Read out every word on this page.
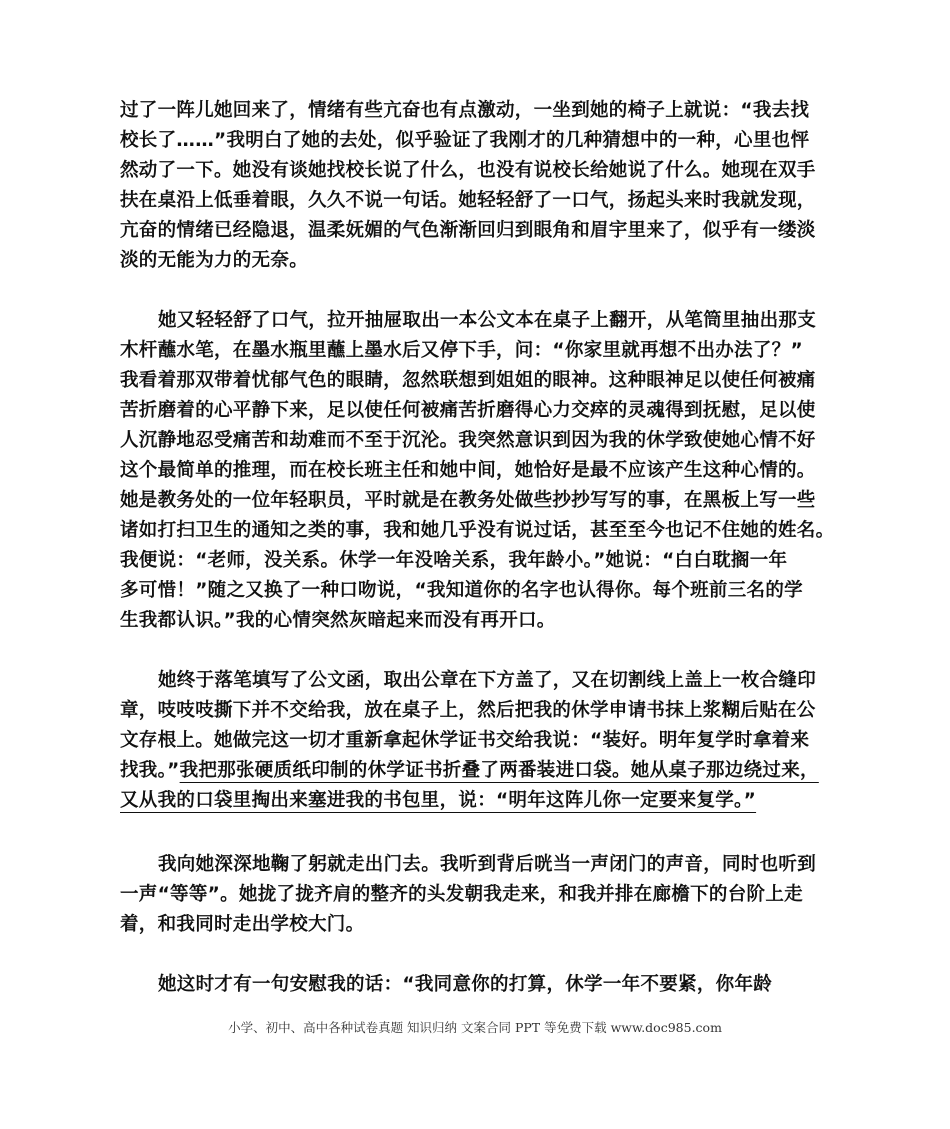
过了一阵儿她回来了，情绪有些亢奋也有点激动，一坐到她的椅子上就说：“我去找
校长了……”我明白了她的去处，似乎验证了我刚才的几种猜想中的一种，心里也怦
然动了一下。她没有谈她找校长说了什么，也没有说校长给她说了什么。她现在双手
扶在桌沿上低垂着眼，久久不说一句话。她轻轻舒了一口气，扬起头来时我就发现，
亢奋的情绪已经隐退，温柔妩媚的气色渐渐回归到眼角和眉宇里来了，似乎有一缕淡
淡的无能为力的无奈。
她又轻轻舒了口气，拉开抽屉取出一本公文本在桌子上翻开，从笔筒里抽出那支
木杆蘸水笔，在墨水瓶里蘸上墨水后又停下手，问：“你家里就再想不出办法了？”
我看着那双带着忧郁气色的眼睛，忽然联想到姐姐的眼神。这种眼神足以使任何被痛
苦折磨着的心平静下来，足以使任何被痛苦折磨得心力交瘁的灵魂得到抚慰，足以使
人沉静地忍受痛苦和劫难而不至于沉沦。我突然意识到因为我的休学致使她心情不好
这个最简单的推理，而在校长班主任和她中间，她恰好是最不应该产生这种心情的。
她是教务处的一位年轻职员，平时就是在教务处做些抄抄写写的事，在黑板上写一些
诸如打扫卫生的通知之类的事，我和她几乎没有说过话，甚至至今也记不住她的姓名。
我便说：“老师，没关系。休学一年没啥关系，我年龄小。”她说：“白白耽搁一年
多可惜！”随之又换了一种口吻说，“我知道你的名字也认得你。每个班前三名的学
生我都认识。”我的心情突然灰暗起来而没有再开口。
她终于落笔填写了公文函，取出公章在下方盖了，又在切割线上盖上一枚合缝印
章，吱吱吱撕下并不交给我，放在桌子上，然后把我的休学申请书抹上浆糊后贴在公
文存根上。她做完这一切才重新拿起休学证书交给我说：“装好。明年复学时拿着来
找我。”我把那张硬质纸印制的休学证书折叠了两番装进口袋。她从桌子那边绕过来，
又从我的口袋里掏出来塞进我的书包里，说：“明年这阵儿你一定要来复学。”
我向她深深地鞠了躬就走出门去。我听到背后咣当一声闭门的声音，同时也听到
一声“等等”。她拢了拢齐肩的整齐的头发朝我走来，和我并排在廊檐下的台阶上走
着，和我同时走出学校大门。
她这时才有一句安慰我的话：“我同意你的打算，休学一年不要紧，你年龄
小学、初中、高中各种试卷真题 知识归纳 文案合同 PPT 等免费下载 www.doc985.com
